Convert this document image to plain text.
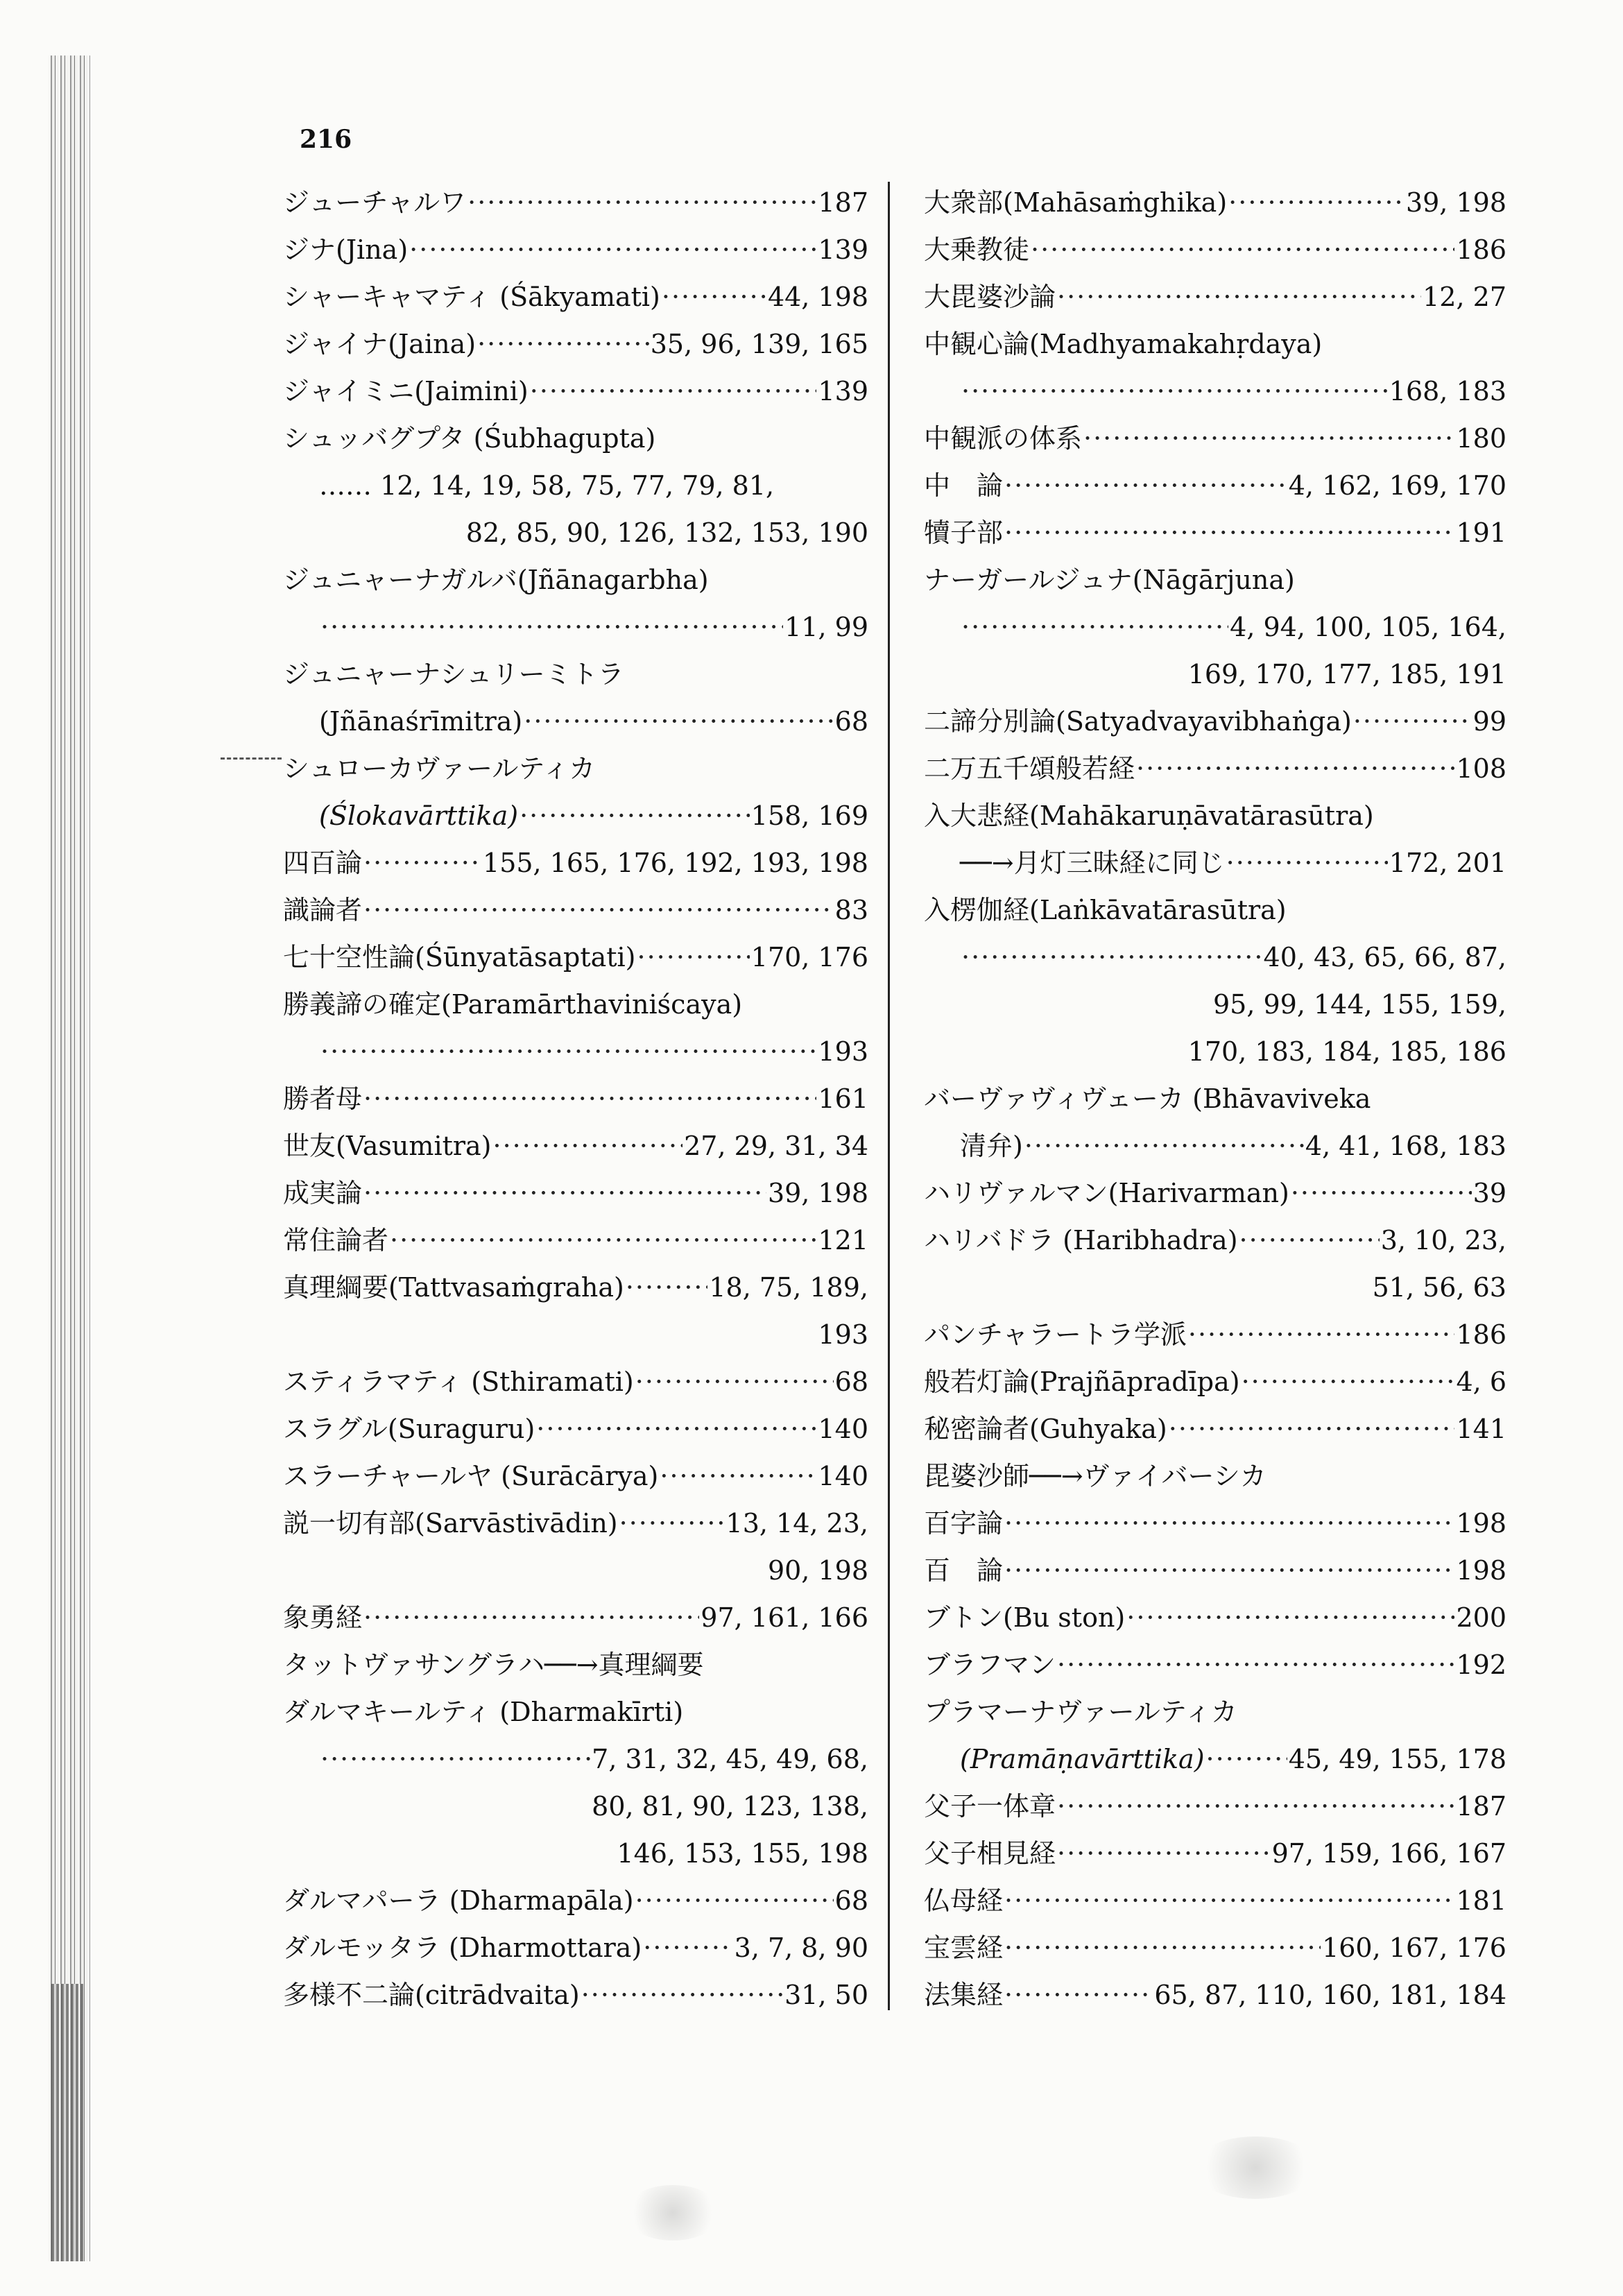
216
ジューチャルワ ·····	187
ジナ(Jina) ·····	139
シャーキャマティ (Śākyamati) ·····	44, 198
ジャイナ(Jaina) ·····	35, 96, 139, 165
ジャイミニ(Jaimini) ·····	139
シュッバグプタ (Śubhagupta)
…… 12, 14, 19, 58, 75, 77, 79, 81,
82, 85, 90, 126, 132, 153, 190
ジュニャーナガルバ(Jñānagarbha)
·····
11, 99
ジュニャーナシュリーミトラ
(Jñānaśrīmitra) ·····	68
シュローカヴァールティカ
(Ślokavārttika) ·····	158, 169
四百論 ·····	155, 165, 176, 192, 193, 198
識論者 ·····	83
七十空性論(Śūnyatāsaptati) ·····	170, 176
勝義諦の確定(Paramārthaviniścaya)
·····
193
勝者母 ·····	161
世友(Vasumitra) ·····	27, 29, 31, 34
成実論 ·····	39, 198
常住論者 ·····	121
真理綱要(Tattvasaṁgraha) ·····	18, 75, 189,
193
スティラマティ (Sthiramati) ·····	68
スラグル(Suraguru) ·····	140
スラーチャールヤ (Surācārya) ·····	140
説一切有部(Sarvāstivādin) ·····	13, 14, 23,
90, 198
象勇経 ·····	97, 161, 166
タットヴァサングラハ──→真理綱要
ダルマキールティ (Dharmakīrti)
·····
7, 31, 32, 45, 49, 68,
80, 81, 90, 123, 138,
146, 153, 155, 198
ダルマパーラ (Dharmapāla) ·····	68
ダルモッタラ (Dharmottara) ·····	3, 7, 8, 90
多様不二論(citrādvaita) ·····	31, 50
大衆部(Mahāsaṁghika) ·····	39, 198
大乗教徒 ·····	186
大毘婆沙論 ·····	12, 27
中観心論(Madhyamakahṛdaya)
·····
168, 183
中観派の体系 ·····	180
中　論 ·····	4, 162, 169, 170
犢子部 ·····	191
ナーガールジュナ(Nāgārjuna)
·····
4, 94, 100, 105, 164,
169, 170, 177, 185, 191
二諦分別論(Satyadvayavibhaṅga) ·····	99
二万五千頌般若経 ·····	108
入大悲経(Mahākaruṇāvatārasūtra)
──→月灯三昧経に同じ ·····	172, 201
入楞伽経(Laṅkāvatārasūtra)
·····
40, 43, 65, 66, 87,
95, 99, 144, 155, 159,
170, 183, 184, 185, 186
バーヴァヴィヴェーカ (Bhāvaviveka
清弁) ·····	4, 41, 168, 183
ハリヴァルマン(Harivarman) ·····	39
ハリバドラ (Haribhadra) ·····	3, 10, 23,
51, 56, 63
パンチャラートラ学派 ·····	186
般若灯論(Prajñāpradīpa) ·····	4, 6
秘密論者(Guhyaka) ·····	141
毘婆沙師──→ヴァイバーシカ
百字論 ·····	198
百　論 ·····	198
ブトン(Bu ston) ·····	200
ブラフマン ·····	192
プラマーナヴァールティカ
(Pramāṇavārttika) ·····	45, 49, 155, 178
父子一体章 ·····	187
父子相見経 ·····	97, 159, 166, 167
仏母経 ·····	181
宝雲経 ·····	160, 167, 176
法集経 ·····	65, 87, 110, 160, 181, 184
